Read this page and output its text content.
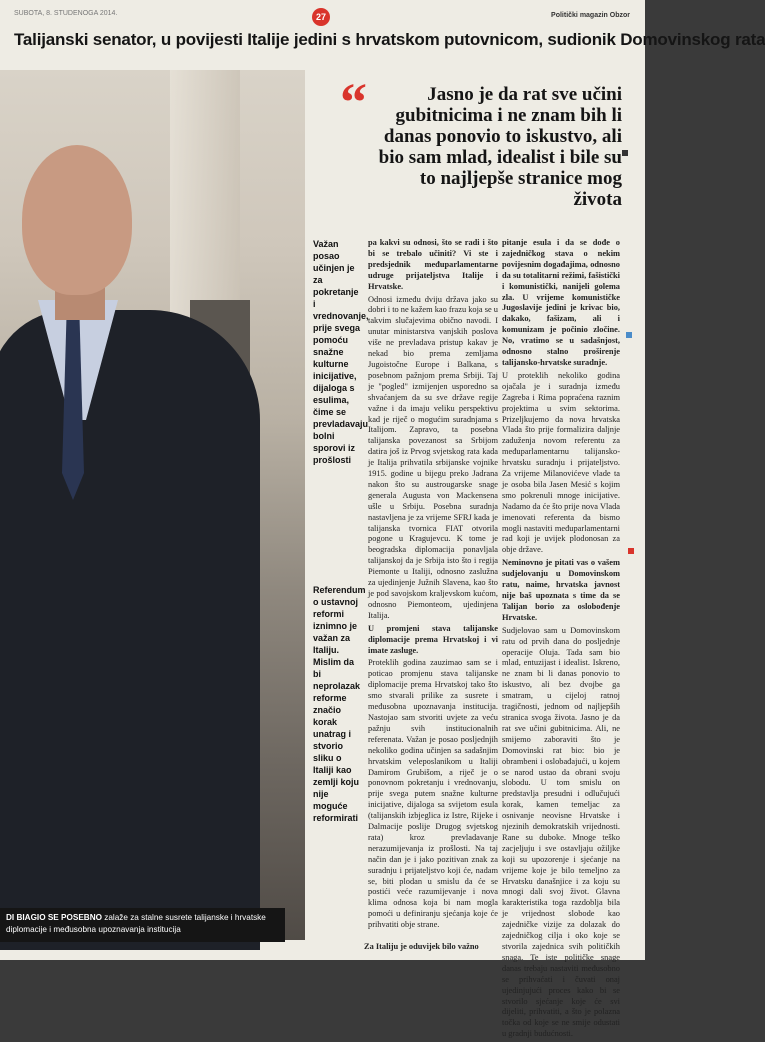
SUBOTA, 8. STUDENOGA 2014.	27	Politički magazin Obzor
Talijanski senator, u povijesti Italije jedini s hrvatskom putovnicom, sudionik Domovinskog rata
DI BIAGIO SE POSEBNO zalaže za stalne susrete talijanske i hrvatske diplomacije i međusobna upoznavanja institucija
“	Jasno je da rat sve učini gubitnicima i ne znam bih li danas ponovio to iskustvo, ali bio sam mlad, idealist i bile su to najljepše stranice mog života
Važan posao učinjen je za pokretanje i vrednovanje, prije svega pomoću snažne kulturne inicijative, dijaloga s esulima, čime se prevladavaju bolni sporovi iz prošlosti
Referendum o ustavnoj reformi iznimno je važan za Italiju. Mislim da bi neprolazak reforme značio korak unatrag i stvorio sliku o Italiji kao zemlji koju nije moguće reformirati

pa kakvi su odnosi, što se radi i što bi se trebalo učiniti? Vi ste i predsjednik međuparlamentarne udruge prijateljstva Italije i Hrvatske.

Odnosi između dviju država jako su dobri i to ne kažem kao frazu koja se u takvim slučajevima obično navodi. I unutar ministarstva vanjskih poslova više ne prevladava pristup kakav je nekad bio prema zemljama Jugoistočne Europe i Balkana, s posebnom pažnjom prema Srbiji. Taj je "pogled" izmijenjen usporedno sa shvaćanjem da su sve države regije važne i da imaju veliku perspektivu kad je riječ o mogućim suradnjama s Italijom. Zapravo, ta posebna talijanska povezanost sa Srbijom datira još iz Prvog svjetskog rata kada je Italija prihvatila srbijanske vojnike 1915. godine u bijegu preko Jadrana nakon što su austrougarske snage generala Augusta von Mackensena ušle u Srbiju. Posebna suradnja nastavljena je za vrijeme SFRJ kada je talijanska tvornica FIAT otvorila pogone u Kragujevcu. K tome je beogradska diplomacija ponavljala talijanskoj da je Srbija isto što i regija Piemonte u Italiji, odnosno zaslužna za ujedinjenje Južnih Slavena, kao što je pod savojskom kraljevskom kućom, odnosno Piemonteom, ujedinjena Italija.

U promjeni stava talijanske diplomacije prema Hrvatskoj i vi imate zasluge.

Proteklih godina zauzimao sam se i poticao promjenu stava talijanske diplomacije prema Hrvatskoj tako što smo stvarali prilike za susrete i međusobna upoznavanja institucija. Nastojao sam stvoriti uvjete za veću pažnju svih institucionalnih referenata. Važan je posao posljednjih nekoliko godina učinjen sa sadašnjim hrvatskim veleposlanikom u Italiji Damirom Grubišom, a riječ je o ponovnom pokretanju i vrednovanju, prije svega putem snažne kulturne inicijative, dijaloga sa svijetom esula (talijanskih izbjeglica iz Istre, Rijeke i Dalmacije poslije Drugog svjetskog rata) kroz prevladavanje nerazumijevanja iz prošlosti. Na taj način dan je i jako pozitivan znak za suradnju i prijateljstvo koji će, nadam se, biti plodan u smislu da će se postići veće razumijevanje i nova klima odnosa koja bi nam mogla pomoći u definiranju sjećanja koje će prihvatiti obje strane.

pitanje esula i da se dođe o zajedničkog stava o nekim povijesnim događajima, odnosno da su totalitarni režimi, fašistički i komunistički, nanijeli golema zla. U vrijeme komunističke Jugoslavije jedini je krivac bio, dakako, fašizam, ali i komunizam je počinio zločine. No, vratimo se u sadašnjost, odnosno stalno proširenje talijansko-hrvatske suradnje.

U proteklih nekoliko godina ojačala je i suradnja između Zagreba i Rima popraćena raznim projektima u svim sektorima. Prizeljkujemo da nova hrvatska Vlada što prije formalizira daljnje zaduženja novom referentu za međuparlamentarnu talijansko-hrvatsku suradnju i prijateljstvo. Za vrijeme Milanovićeve vlade ta je osoba bila Jasen Mesić s kojim smo pokrenuli mnoge inicijative. Nadamo da će što prije nova Vlada imenovati referenta da bismo mogli nastaviti međuparlamentarni rad koji je uvijek plodonosan za obje države.

Neminovno je pitati vas o vašem sudjelovanju u Domovinskom ratu, naime, hrvatska javnost nije baš upoznata s time da se Talijan borio za oslobođenje Hrvatske.

Sudjelovao sam u Domovinskom ratu od prvih dana do posljednje operacije Oluja. Tada sam bio mlad, entuzijast i idealist. Iskreno, ne znam bi li danas ponovio to iskustvo, ali bez dvojbe ga smatram, u cijeloj ratnoj tragičnosti, jednom od najljepših stranica svoga života. Jasno je da rat sve učini gubitnicima. Ali, ne smijemo zaboraviti što je Domovinski rat bio: bio je obrambeni i oslobađajući, u kojem se narod ustao da obrani svoju slobodu. U tom smislu on predstavlja presudni i odlučujući korak, kamen temeljac za osnivanje neovisne Hrvatske i njezinih demokratskih vrijednosti. Rane su duboke. Mnoge teško zacjeljuju i sve ostavljaju ožiljke koji su upozorenje i sjećanje na vrijeme koje je bilo temeljno za Hrvatsku današnjice i za koju su mnogi dali svoj život. Glavna karakteristika toga razdoblja bila je vrijednost slobode kao zajedničke vizije za dolazak do zajedničkog cilja i oko koje se stvorila zajednica svih političkih snaga. Te iste političke snage danas trebaju nastaviti međusobno se prihvaćati i čuvati onaj ujedinjujući proces kako bi se stvorilo sjećanje koje će svi dijeliti, prihvatiti, a što je polazna točka od koje se ne smije odustati u gradnji budućnosti.

Za Italiju je oduvijek bilo važno
